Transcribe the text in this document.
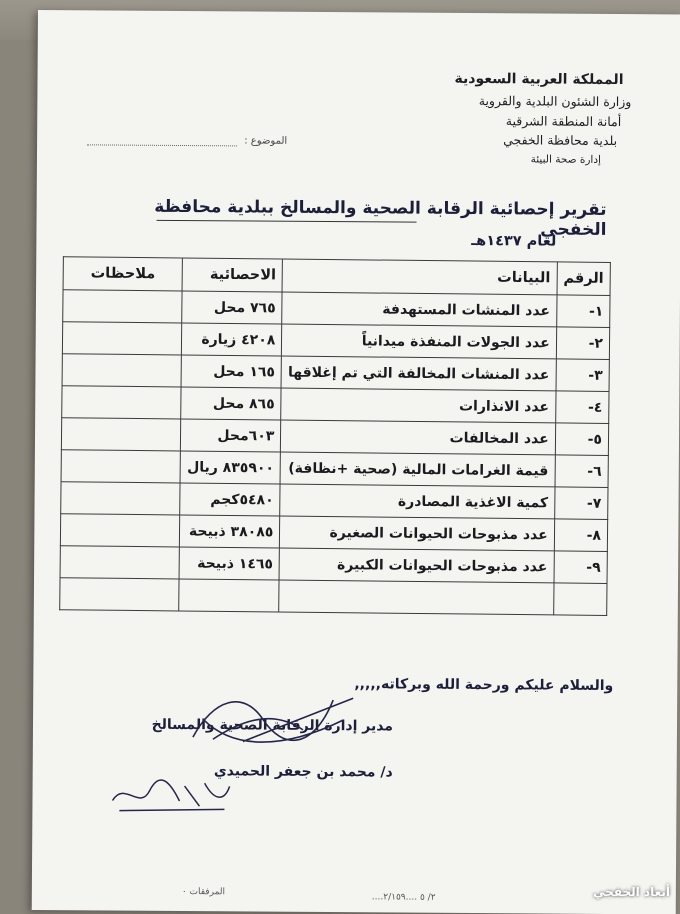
المملكة العربية السعودية
وزارة الشئون البلدية والقروية
أمانة المنطقة الشرقية
بلدية محافظة الخفجي
إدارة صحة البيئة
الموضوع :
تقرير إحصائية الرقابة الصحية والمسالخ ببلدية محافظة الخفجي
لعام ١٤٣٧هـ
الرقم	البيانات	الاحصائية	ملاحظات
١-	عدد المنشات المستهدفة	٧٦٥ محل	
٢-	عدد الجولات المنفذة ميدانياً	٤٢٠٨ زيارة	
٣-	عدد المنشات المخالفة التي تم إغلاقها	١٦٥ محل	
٤-	عدد الانذارات	٨٦٥ محل	
٥-	عدد المخالفات	٦٠٣محل	
٦-	قيمة الغرامات المالية (صحية +نظافة)	٨٣٥٩٠٠ ريال	
٧-	كمية الاغذية المصادرة	٥٤٨٠كجم	
٨-	عدد مذبوحات الحيوانات الصغيرة	٣٨٠٨٥ ذبيحة	
٩-	عدد مذبوحات الحيوانات الكبيرة	١٤٦٥ ذبيحة	

والسلام عليكم ورحمة الله وبركاته,,,,,
مدير إدارة الرقابة الصحية والمسالخ
د/ محمد بن جعفر الحميدي
المرفقات ٠
....٢/ ٥ ....٢/١٥٩	أبعاد الخفجي
